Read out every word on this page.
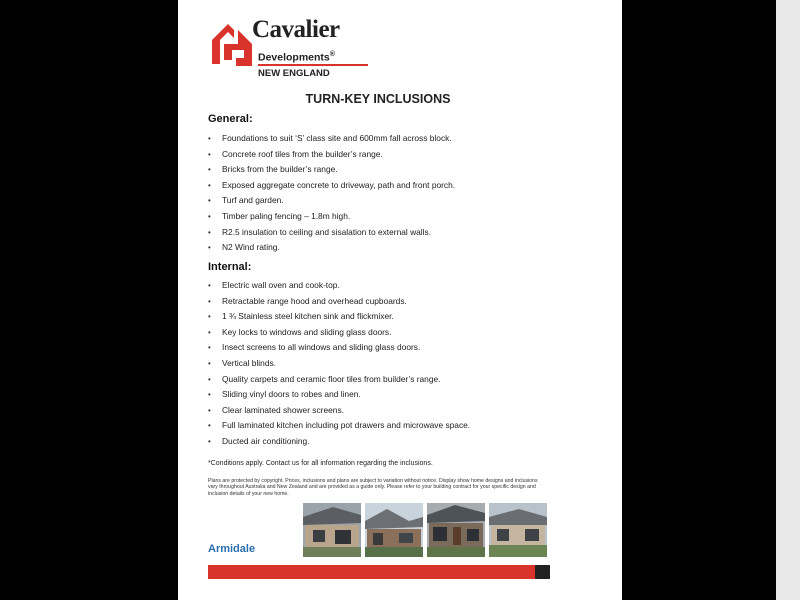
Cavalier
Developments®
NEW ENGLAND
TURN-KEY INCLUSIONS
General:
• Foundations to suit ‘S’ class site and 600mm fall across block.
• Concrete roof tiles from the builder’s range.
• Bricks from the builder’s range.
• Exposed aggregate concrete to driveway, path and front porch.
• Turf and garden.
• Timber paling fencing – 1.8m high.
• R2.5 insulation to ceiling and sisalation to external walls.
• N2 Wind rating.
Internal:
• Electric wall oven and cook-top.
• Retractable range hood and overhead cupboards.
• 1 ¾ Stainless steel kitchen sink and flickmixer.
• Key locks to windows and sliding glass doors.
• Insect screens to all windows and sliding glass doors.
• Vertical blinds.
• Quality carpets and ceramic floor tiles from builder’s range.
• Sliding vinyl doors to robes and linen.
• Clear laminated shower screens.
• Full laminated kitchen including pot drawers and microwave space.
• Ducted air conditioning.
*Conditions apply. Contact us for all information regarding the inclusions.
Plans are protected by copyright. Prices, inclusions and plans are subject to variation without notice. Display show home designs and inclusions vary throughout Australia and New Zealand and are provided as a guide only. Please refer to your building contract for your specific design and inclusion details of your new home.
Armidale
